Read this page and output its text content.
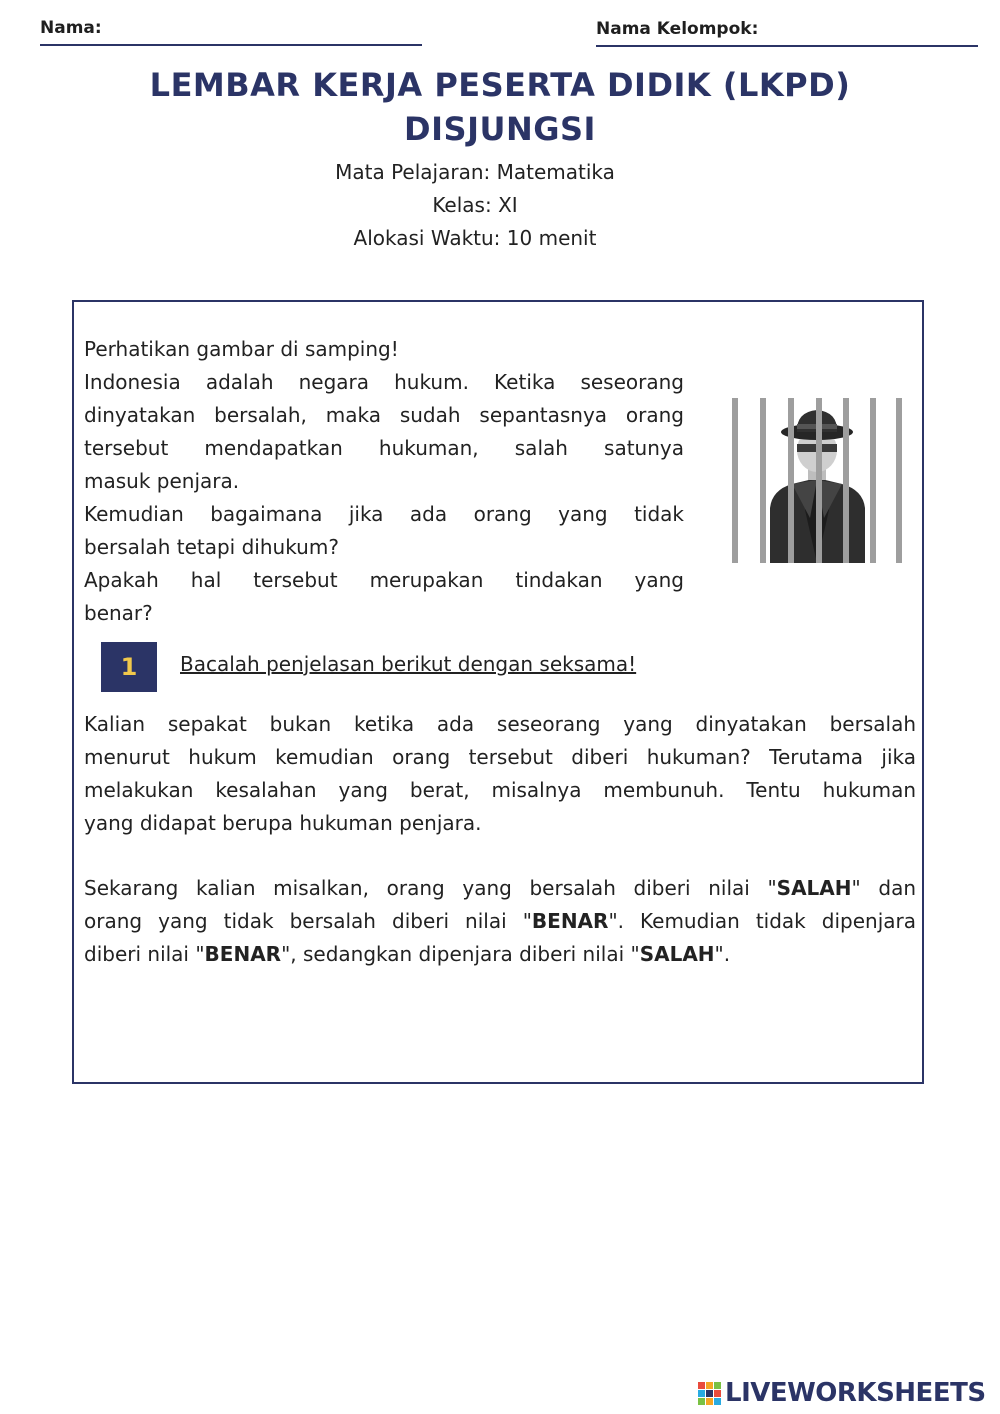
Nama:	Nama Kelompok:
LEMBAR KERJA PESERTA DIDIK (LKPD)
DISJUNGSI
Mata Pelajaran: Matematika
Kelas: XI
Alokasi Waktu: 10 menit
Perhatikan gambar di samping!
Indonesia adalah negara hukum. Ketika seseorang
dinyatakan bersalah, maka sudah sepantasnya orang
tersebut mendapatkan hukuman, salah satunya
masuk penjara.
Kemudian bagaimana jika ada orang yang tidak
bersalah tetapi dihukum?
Apakah hal tersebut merupakan tindakan yang
benar?
1	Bacalah penjelasan berikut dengan seksama!
Kalian sepakat bukan ketika ada seseorang yang dinyatakan bersalah
menurut hukum kemudian orang tersebut diberi hukuman? Terutama jika
melakukan kesalahan yang berat, misalnya membunuh. Tentu hukuman
yang didapat berupa hukuman penjara.
Sekarang kalian misalkan, orang yang bersalah diberi nilai "SALAH" dan
orang yang tidak bersalah diberi nilai "BENAR". Kemudian tidak dipenjara
diberi nilai "BENAR", sedangkan dipenjara diberi nilai "SALAH".
LIVEWORKSHEETS
